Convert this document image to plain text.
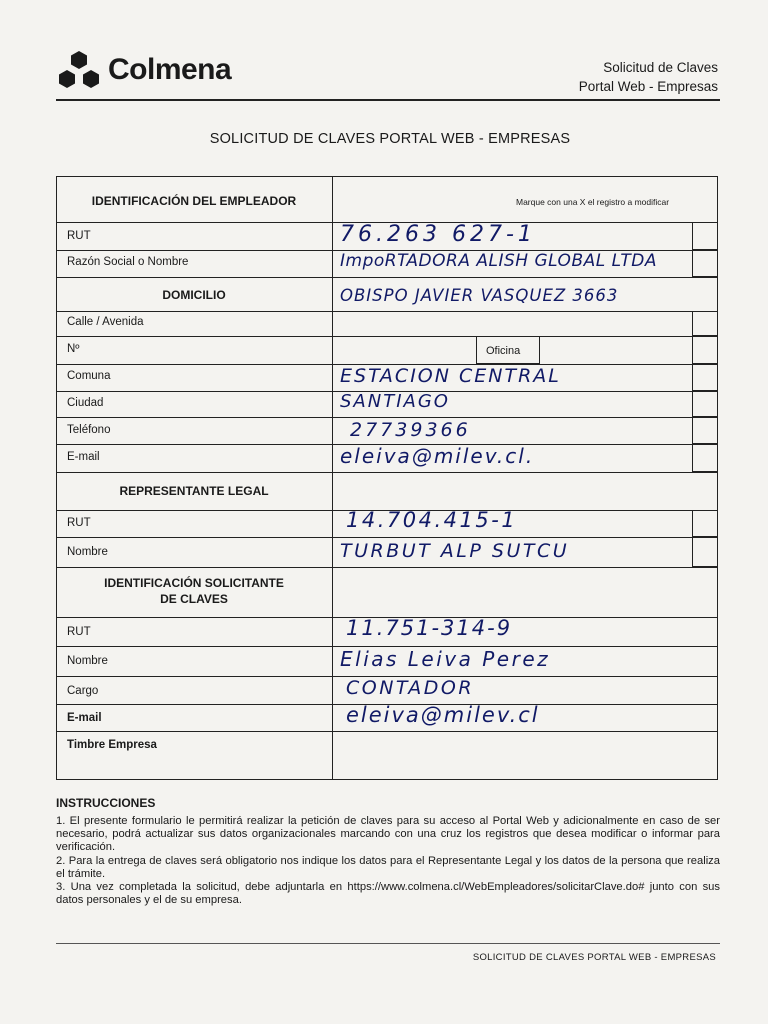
Colmena	Solicitud de Claves
Portal Web - Empresas
SOLICITUD DE CLAVES PORTAL WEB - EMPRESAS
Oficina
IDENTIFICACIÓN DEL EMPLEADOR	Marque con una X el registro a modificar
DOMICILIO
REPRESENTANTE LEGAL
IDENTIFICACIÓN SOLICITANTE
DE CLAVES
RUT
Razón Social o Nombre
Calle / Avenida
Nº
Comuna
Ciudad
Teléfono
E-mail
RUT
Nombre
RUT
Nombre
Cargo
E-mail
Timbre Empresa
76.263 627-1
ImpoRTADORA ALISH GLOBAL LTDA
OBISPO JAVIER VASQUEZ 3663
ESTACION CENTRAL
SANTIAGO
27739366
eleiva@milev.cl.
14.704.415-1
TURBUT ALP SUTCU
11.751-314-9
Elias Leiva Perez
CONTADOR
eleiva@milev.cl
INSTRUCCIONES

1. El presente formulario le permitirá realizar la petición de claves para su acceso al Portal Web y adicionalmente en caso de ser necesario, podrá actualizar sus datos organizacionales marcando con una cruz los registros que desea modificar o informar para verificación.

2. Para la entrega de claves será obligatorio nos indique los datos para el Representante Legal y los datos de la persona que realiza el trámite.

3. Una vez completada la solicitud, debe adjuntarla en https://www.colmena.cl/WebEmpleadores/solicitarClave.do# junto con sus datos personales y el de su empresa.

SOLICITUD DE CLAVES PORTAL WEB - EMPRESAS
